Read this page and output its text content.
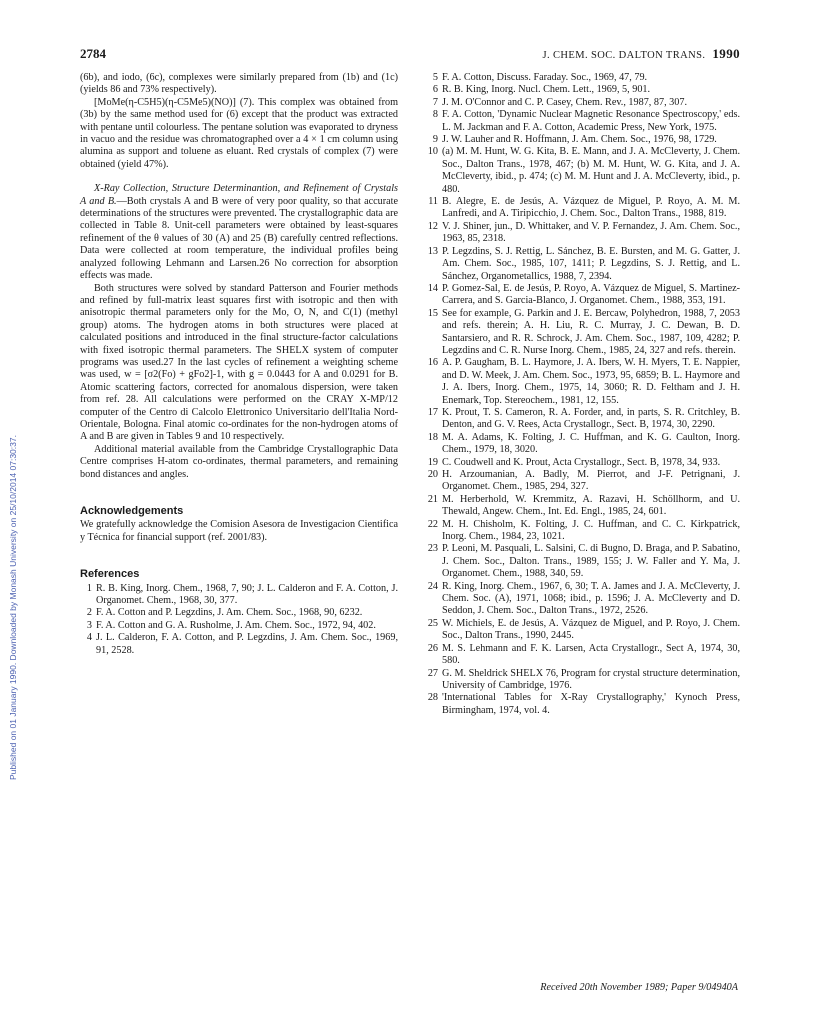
Published on 01 January 1990. Downloaded by Monash University on 25/10/2014 07:30:37.
2784	J. CHEM. SOC. DALTON TRANS. 1990

(6b), and iodo, (6c), complexes were similarly prepared from (1b) and (1c) (yields 86 and 73% respectively).

[MoMe(η-C5H5)(η-C5Me5)(NO)] (7). This complex was obtained from (3b) by the same method used for (6) except that the product was extracted with pentane until colourless. The pentane solution was evaporated to dryness in vacuo and the residue was chromatographed over a 4 × 1 cm column using alumina as support and toluene as eluant. Red crystals of complex (7) were obtained (yield 47%).

X-Ray Collection, Structure Determinantion, and Refinement of Crystals A and B.—Both crystals A and B were of very poor quality, so that accurate determinations of the structures were prevented. The crystallographic data are collected in Table 8. Unit-cell parameters were obtained by least-squares refinement of the θ values of 30 (A) and 25 (B) carefully centred reflections. Data were collected at room temperature, the individual profiles being analyzed following Lehmann and Larsen.26 No correction for absorption effects was made.

Both structures were solved by standard Patterson and Fourier methods and refined by full-matrix least squares first with isotropic and then with anisotropic thermal parameters only for the Mo, O, N, and C(1) (methyl group) atoms. The hydrogen atoms in both structures were placed at calculated positions and introduced in the final structure-factor calculations with fixed isotropic thermal parameters. The SHELX system of computer programs was used.27 In the last cycles of refinement a weighting scheme was used, w = [σ2(Fo) + gFo2]-1, with g = 0.0443 for A and 0.0291 for B. Atomic scattering factors, corrected for anomalous dispersion, were taken from ref. 28. All calculations were performed on the CRAY X-MP/12 computer of the Centro di Calcolo Elettronico Universitario dell'Italia Nord-Orientale, Bologna. Final atomic co-ordinates for the non-hydrogen atoms of A and B are given in Tables 9 and 10 respectively.

Additional material available from the Cambridge Crystallographic Data Centre comprises H-atom co-ordinates, thermal parameters, and remaining bond distances and angles.

Acknowledgements

We gratefully acknowledge the Comision Asesora de Investigacion Cientifica y Técnica for financial support (ref. 2001/83).

References
1 R. B. King, Inorg. Chem., 1968, 7, 90; J. L. Calderon and F. A. Cotton, J. Organomet. Chem., 1968, 30, 377.
2 F. A. Cotton and P. Legzdins, J. Am. Chem. Soc., 1968, 90, 6232.
3 F. A. Cotton and G. A. Rusholme, J. Am. Chem. Soc., 1972, 94, 402.
4 J. L. Calderon, F. A. Cotton, and P. Legzdins, J. Am. Chem. Soc., 1969, 91, 2528.
5 F. A. Cotton, Discuss. Faraday. Soc., 1969, 47, 79.
6 R. B. King, Inorg. Nucl. Chem. Lett., 1969, 5, 901.
7 J. M. O'Connor and C. P. Casey, Chem. Rev., 1987, 87, 307.
8 F. A. Cotton, 'Dynamic Nuclear Magnetic Resonance Spectroscopy,' eds. L. M. Jackman and F. A. Cotton, Academic Press, New York, 1975.
9 J. W. Lauher and R. Hoffmann, J. Am. Chem. Soc., 1976, 98, 1729.
10 (a) M. M. Hunt, W. G. Kita, B. E. Mann, and J. A. McCleverty, J. Chem. Soc., Dalton Trans., 1978, 467; (b) M. M. Hunt, W. G. Kita, and J. A. McCleverty, ibid., p. 474; (c) M. M. Hunt and J. A. McCleverty, ibid., p. 480.
11 B. Alegre, E. de Jesús, A. Vázquez de Miguel, P. Royo, A. M. M. Lanfredi, and A. Tiripicchio, J. Chem. Soc., Dalton Trans., 1988, 819.
12 V. J. Shiner, jun., D. Whittaker, and V. P. Fernandez, J. Am. Chem. Soc., 1963, 85, 2318.
13 P. Legzdins, S. J. Rettig, L. Sánchez, B. E. Bursten, and M. G. Gatter, J. Am. Chem. Soc., 1985, 107, 1411; P. Legzdins, S. J. Rettig, and L. Sánchez, Organometallics, 1988, 7, 2394.
14 P. Gomez-Sal, E. de Jesús, P. Royo, A. Vázquez de Miguel, S. Martinez-Carrera, and S. Garcia-Blanco, J. Organomet. Chem., 1988, 353, 191.
15 See for example, G. Parkin and J. E. Bercaw, Polyhedron, 1988, 7, 2053 and refs. therein; A. H. Liu, R. C. Murray, J. C. Dewan, B. D. Santarsiero, and R. R. Schrock, J. Am. Chem. Soc., 1987, 109, 4282; P. Legzdins and C. R. Nurse Inorg. Chem., 1985, 24, 327 and refs. therein.
16 A. P. Gaugham, B. L. Haymore, J. A. Ibers, W. H. Myers, T. E. Nappier, and D. W. Meek, J. Am. Chem. Soc., 1973, 95, 6859; B. L. Haymore and J. A. Ibers, Inorg. Chem., 1975, 14, 3060; R. D. Feltham and J. H. Enemark, Top. Stereochem., 1981, 12, 155.
17 K. Prout, T. S. Cameron, R. A. Forder, and, in parts, S. R. Critchley, B. Denton, and G. V. Rees, Acta Crystallogr., Sect. B, 1974, 30, 2290.
18 M. A. Adams, K. Folting, J. C. Huffman, and K. G. Caulton, Inorg. Chem., 1979, 18, 3020.
19 C. Coudwell and K. Prout, Acta Crystallogr., Sect. B, 1978, 34, 933.
20 H. Arzoumanian, A. Badly, M. Pierrot, and J-F. Petrignani, J. Organomet. Chem., 1985, 294, 327.
21 M. Herberhold, W. Kremmitz, A. Razavi, H. Schöllhorm, and U. Thewald, Angew. Chem., Int. Ed. Engl., 1985, 24, 601.
22 M. H. Chisholm, K. Folting, J. C. Huffman, and C. C. Kirkpatrick, Inorg. Chem., 1984, 23, 1021.
23 P. Leoni, M. Pasquali, L. Salsini, C. di Bugno, D. Braga, and P. Sabatino, J. Chem. Soc., Dalton. Trans., 1989, 155; J. W. Faller and Y. Ma, J. Organomet. Chem., 1988, 340, 59.
24 R. King, Inorg. Chem., 1967, 6, 30; T. A. James and J. A. McCleverty, J. Chem. Soc. (A), 1971, 1068; ibid., p. 1596; J. A. McCleverty and D. Seddon, J. Chem. Soc., Dalton Trans., 1972, 2526.
25 W. Michiels, E. de Jesús, A. Vázquez de Miguel, and P. Royo, J. Chem. Soc., Dalton Trans., 1990, 2445.
26 M. S. Lehmann and F. K. Larsen, Acta Crystallogr., Sect A, 1974, 30, 580.
27 G. M. Sheldrick SHELX 76, Program for crystal structure determination, University of Cambridge, 1976.
28 'International Tables for X-Ray Crystallography,' Kynoch Press, Birmingham, 1974, vol. 4.
Received 20th November 1989; Paper 9/04940A
